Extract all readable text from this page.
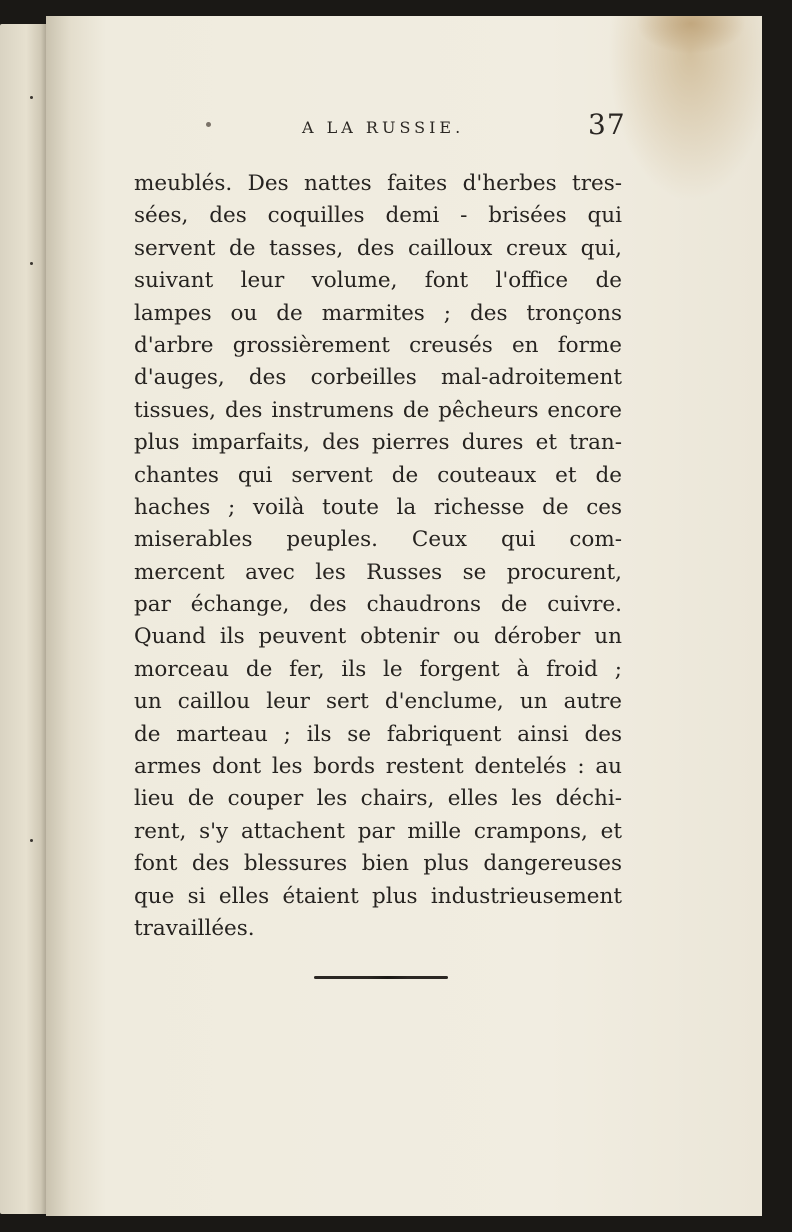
A LA RUSSIE.	37
meublés. Des nattes faites d'herbes tres-
sées, des coquilles demi - brisées qui
servent de tasses, des cailloux creux qui,
suivant leur volume, font l'office de
lampes ou de marmites ; des tronçons
d'arbre grossièrement creusés en forme
d'auges, des corbeilles mal-adroitement
tissues, des instrumens de pêcheurs encore
plus imparfaits, des pierres dures et tran-
chantes qui servent de couteaux et de
haches ; voilà toute la richesse de ces
miserables peuples. Ceux qui com-
mercent avec les Russes se procurent,
par échange, des chaudrons de cuivre.
Quand ils peuvent obtenir ou dérober un
morceau de fer, ils le forgent à froid ;
un caillou leur sert d'enclume, un autre
de marteau ; ils se fabriquent ainsi des
armes dont les bords restent dentelés : au
lieu de couper les chairs, elles les déchi-
rent, s'y attachent par mille crampons, et
font des blessures bien plus dangereuses
que si elles étaient plus industrieusement
travaillées.
